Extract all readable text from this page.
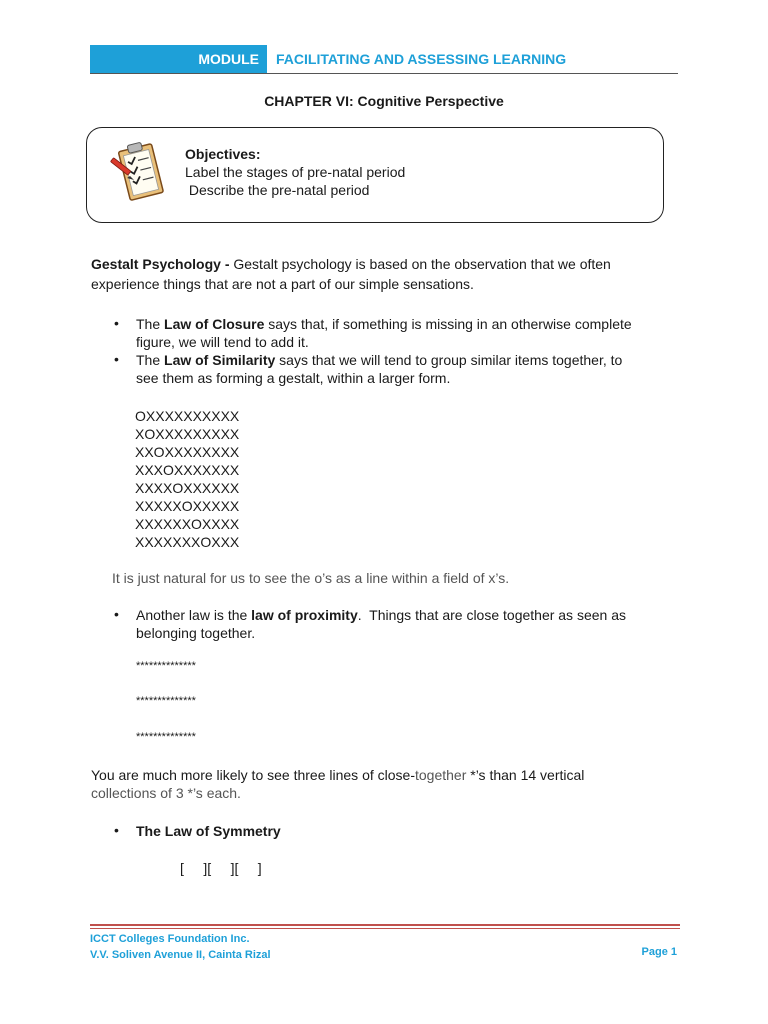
MODULE	FACILITATING AND ASSESSING LEARNING
CHAPTER VI: Cognitive Perspective
Objectives:
Label the stages of pre-natal period
Describe the pre-natal period
Gestalt Psychology - Gestalt psychology is based on the observation that we often
experience things that are not a part of our simple sensations.
• The Law of Closure says that, if something is missing in an otherwise complete
figure, we will tend to add it.
• The Law of Similarity says that we will tend to group similar items together, to
see them as forming a gestalt, within a larger form.
OXXXXXXXXXX
XOXXXXXXXXX
XXOXXXXXXXX
XXXOXXXXXXX
XXXXOXXXXXX
XXXXXOXXXXX
XXXXXXOXXXX
XXXXXXXOXXX
It is just natural for us to see the o’s as a line within a field of x’s.
• Another law is the law of proximity.  Things that are close together as seen as
belonging together.
**************
**************
**************
You are much more likely to see three lines of close-together *’s than 14 vertical
collections of 3 *’s each.
• The Law of Symmetry
[     ][     ][     ]
ICCT Colleges Foundation Inc.
V.V. Soliven Avenue II, Cainta Rizal	Page 1
